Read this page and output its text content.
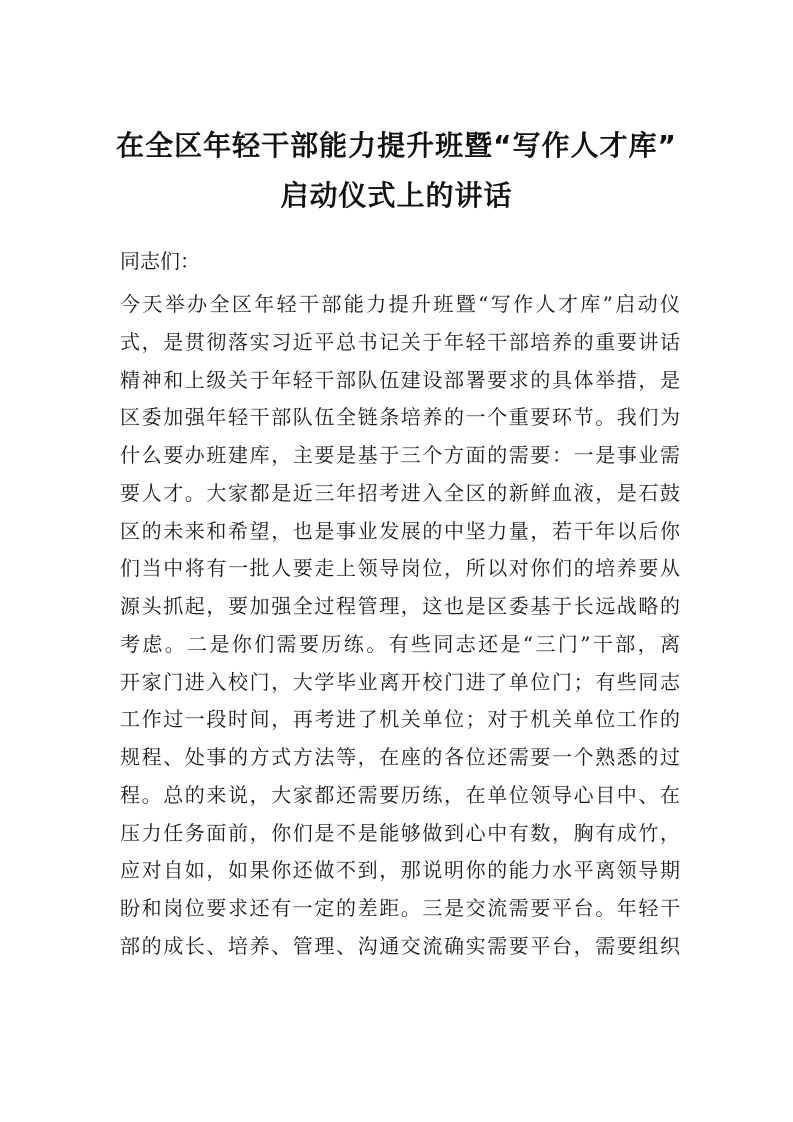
在全区年轻干部能力提升班暨“写作人才库”
启动仪式上的讲话
同志们：
今天举办全区年轻干部能力提升班暨“写作人才库”启动仪
式，是贯彻落实习近平总书记关于年轻干部培养的重要讲话
精神和上级关于年轻干部队伍建设部署要求的具体举措，是
区委加强年轻干部队伍全链条培养的一个重要环节。我们为
什么要办班建库，主要是基于三个方面的需要：一是事业需
要人才。大家都是近三年招考进入全区的新鲜血液，是石鼓
区的未来和希望，也是事业发展的中坚力量，若干年以后你
们当中将有一批人要走上领导岗位，所以对你们的培养要从
源头抓起，要加强全过程管理，这也是区委基于长远战略的
考虑。二是你们需要历练。有些同志还是“三门”干部，离
开家门进入校门，大学毕业离开校门进了单位门；有些同志
工作过一段时间，再考进了机关单位；对于机关单位工作的
规程、处事的方式方法等，在座的各位还需要一个熟悉的过
程。总的来说，大家都还需要历练，在单位领导心目中、在
压力任务面前，你们是不是能够做到心中有数，胸有成竹，
应对自如，如果你还做不到，那说明你的能力水平离领导期
盼和岗位要求还有一定的差距。三是交流需要平台。年轻干
部的成长、培养、管理、沟通交流确实需要平台，需要组织
